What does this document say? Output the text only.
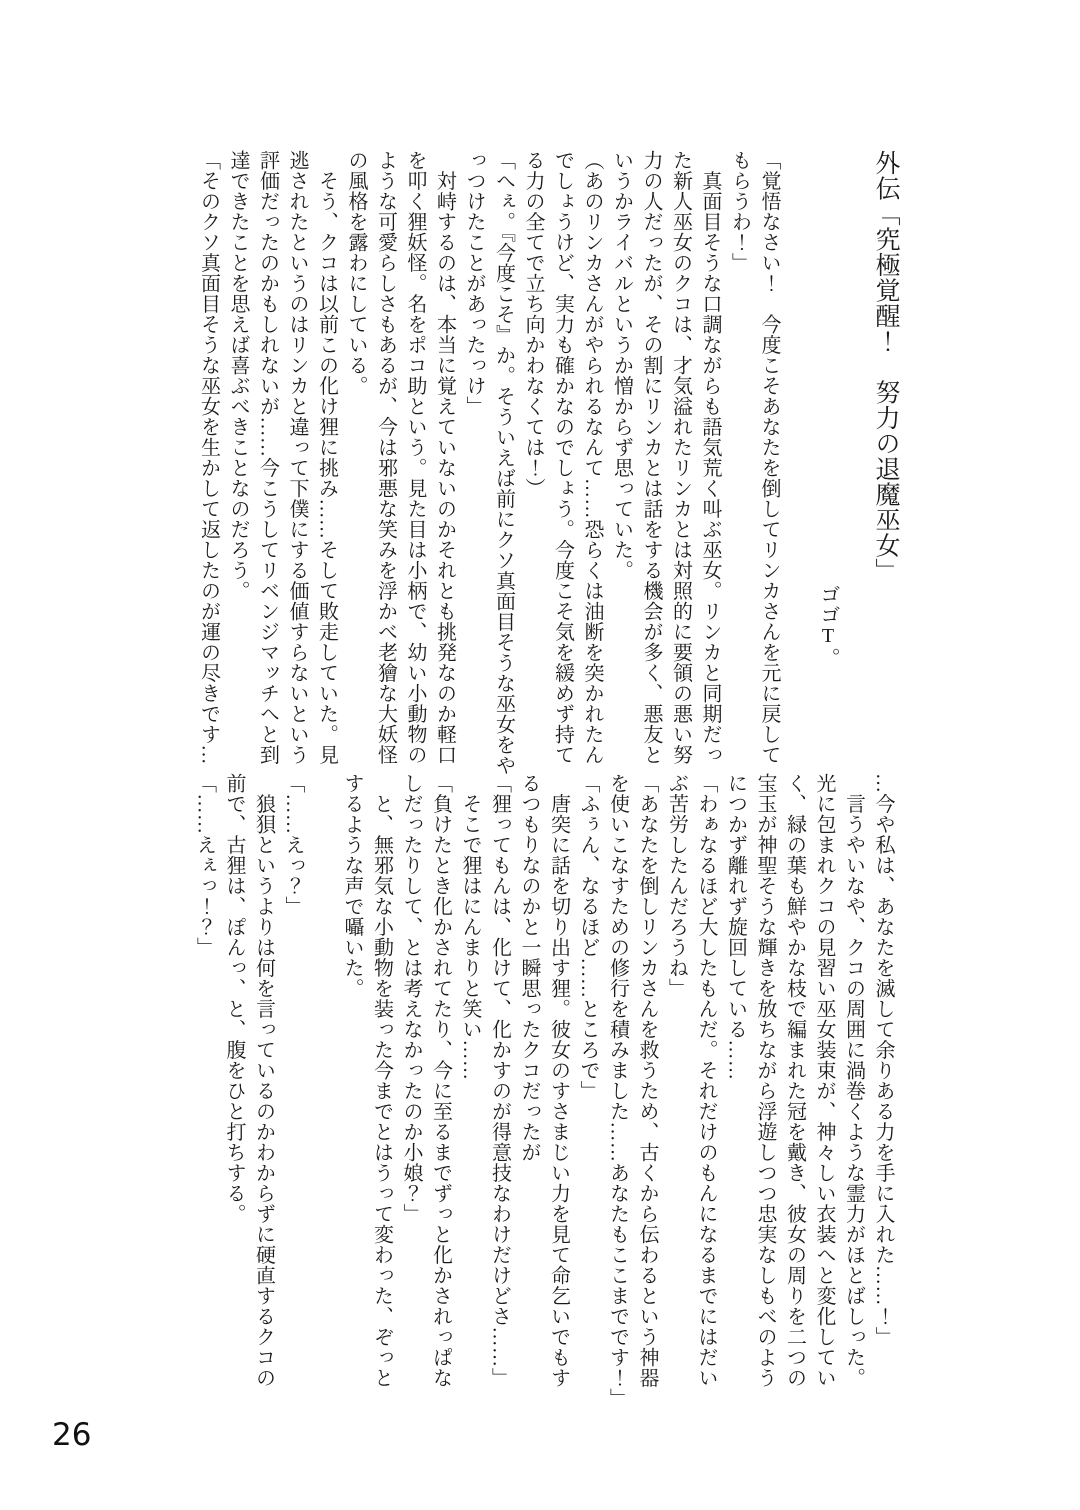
外伝「究極覚醒！　努力の退魔巫女」

ゴゴT。

「覚悟なさい！　今度こそあなたを倒してリンカさんを元に戻して

もらうわ！」

　真面目そうな口調ながらも語気荒く叫ぶ巫女。リンカと同期だっ

た新人巫女のクコは、才気溢れたリンカとは対照的に要領の悪い努

力の人だったが、その割にリンカとは話をする機会が多く、悪友と

いうかライバルというか憎からず思っていた。

（あのリンカさんがやられるなんて……恐らくは油断を突かれたん

でしょうけど、実力も確かなのでしょう。今度こそ気を緩めず持て

る力の全てで立ち向かわなくては！）

「へぇ。『今度こそ』か。そういえば前にクソ真面目そうな巫女をや

っつけたことがあったっけ」

　対峙するのは、本当に覚えていないのかそれとも挑発なのか軽口

を叩く狸妖怪。名をポコ助という。見た目は小柄で、幼い小動物の

ような可愛らしさもあるが、今は邪悪な笑みを浮かべ老獪な大妖怪

の風格を露わにしている。

　そう、クコは以前この化け狸に挑み……そして敗走していた。見

逃されたというのはリンカと違って下僕にする価値すらないという

評価だったのかもしれないが……今こうしてリベンジマッチへと到

達できたことを思えば喜ぶべきことなのだろう。

「そのクソ真面目そうな巫女を生かして返したのが運の尽きです…

…今や私は、あなたを滅して余りある力を手に入れた……！」

　言うやいなや、クコの周囲に渦巻くような霊力がほとばしった。

光に包まれクコの見習い巫女装束が、神々しい衣装へと変化してい

く、緑の葉も鮮やかな枝で編まれた冠を戴き、彼女の周りを二つの

宝玉が神聖そうな輝きを放ちながら浮遊しつつ忠実なしもべのよう

につかず離れず旋回している……

「わぁなるほど大したもんだ。それだけのもんになるまでにはだい

ぶ苦労したんだろうね」

「あなたを倒しリンカさんを救うため、古くから伝わるという神器

を使いこなすための修行を積みました……あなたもここまでです！」

「ふぅん、なるほど……ところで」

　唐突に話を切り出す狸。彼女のすさまじい力を見て命乞いでもす

るつもりなのかと一瞬思ったクコだったが

「狸ってもんは、化けて、化かすのが得意技なわけだけどさ……」

　そこで狸はにんまりと笑い……

「負けたとき化かされてたり、今に至るまでずっと化かされっぱな

しだったりして、とは考えなかったのか小娘？」

　と、無邪気な小動物を装った今までとはうって変わった、ぞっと

するような声で囁いた。

「……えっ？」

　狼狽というよりは何を言っているのかわからずに硬直するクコの

前で、古狸は、ぽんっ、と、腹をひと打ちする。

「……えぇっ！？」

26
